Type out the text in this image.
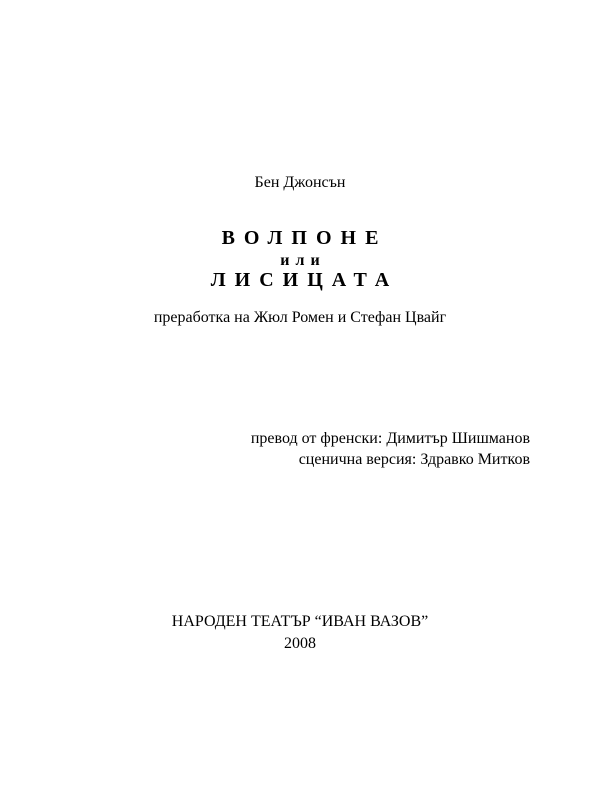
Бен Джонсън
ВОЛПОНЕ
или
ЛИСИЦАТА
преработка на Жюл Ромен и Стефан Цвайг
превод от френски: Димитър Шишманов
сценична версия: Здравко Митков
НАРОДЕН ТЕАТЪР “ИВАН ВАЗОВ”
2008
